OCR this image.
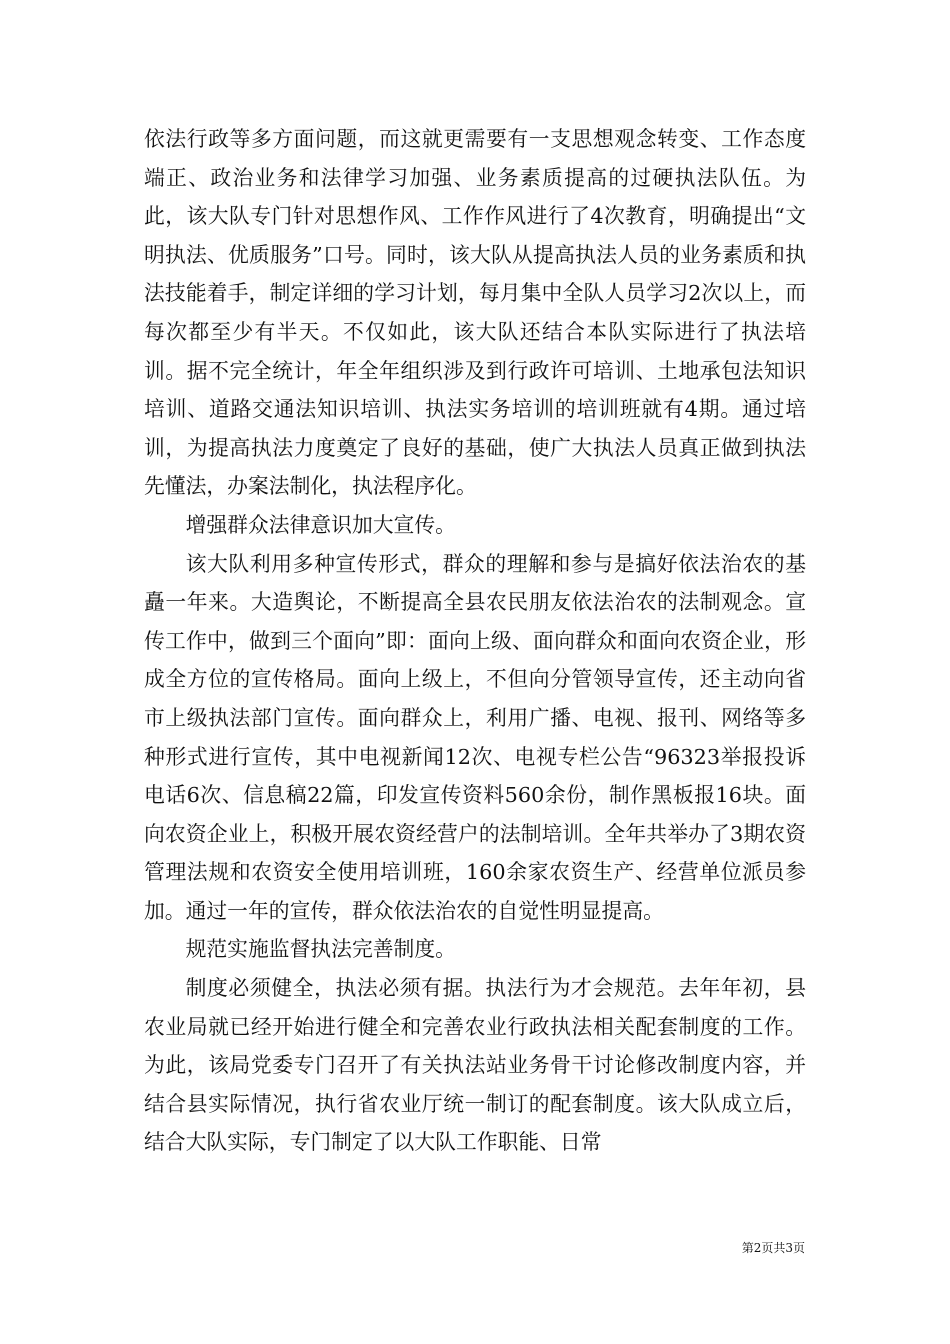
依法行政等多方面问题，而这就更需要有一支思想观念转变、工作态度端正、政治业务和法律学习加强、业务素质提高的过硬执法队伍。为此，该大队专门针对思想作风、工作作风进行了4次教育，明确提出“文明执法、优质服务”口号。同时，该大队从提高执法人员的业务素质和执法技能着手，制定详细的学习计划，每月集中全队人员学习2次以上，而每次都至少有半天。不仅如此，该大队还结合本队实际进行了执法培训。据不完全统计，年全年组织涉及到行政许可培训、土地承包法知识培训、道路交通法知识培训、执法实务培训的培训班就有4期。通过培训，为提高执法力度奠定了良好的基础，使广大执法人员真正做到执法先懂法，办案法制化，执法程序化。

增强群众法律意识加大宣传。

该大队利用多种宣传形式，群众的理解和参与是搞好依法治农的基矗一年来。大造舆论，不断提高全县农民朋友依法治农的法制观念。宣传工作中，做到三个面向”即：面向上级、面向群众和面向农资企业，形成全方位的宣传格局。面向上级上，不但向分管领导宣传，还主动向省市上级执法部门宣传。面向群众上，利用广播、电视、报刊、网络等多种形式进行宣传，其中电视新闻12次、电视专栏公告“96323举报投诉电话6次、信息稿22篇，印发宣传资料560余份，制作黑板报16块。面向农资企业上，积极开展农资经营户的法制培训。全年共举办了3期农资管理法规和农资安全使用培训班，160余家农资生产、经营单位派员参加。通过一年的宣传，群众依法治农的自觉性明显提高。

规范实施监督执法完善制度。

制度必须健全，执法必须有据。执法行为才会规范。去年年初，县农业局就已经开始进行健全和完善农业行政执法相关配套制度的工作。为此，该局党委专门召开了有关执法站业务骨干讨论修改制度内容，并结合县实际情况，执行省农业厅统一制订的配套制度。该大队成立后，结合大队实际，专门制定了以大队工作职能、日常

第2页共3页
